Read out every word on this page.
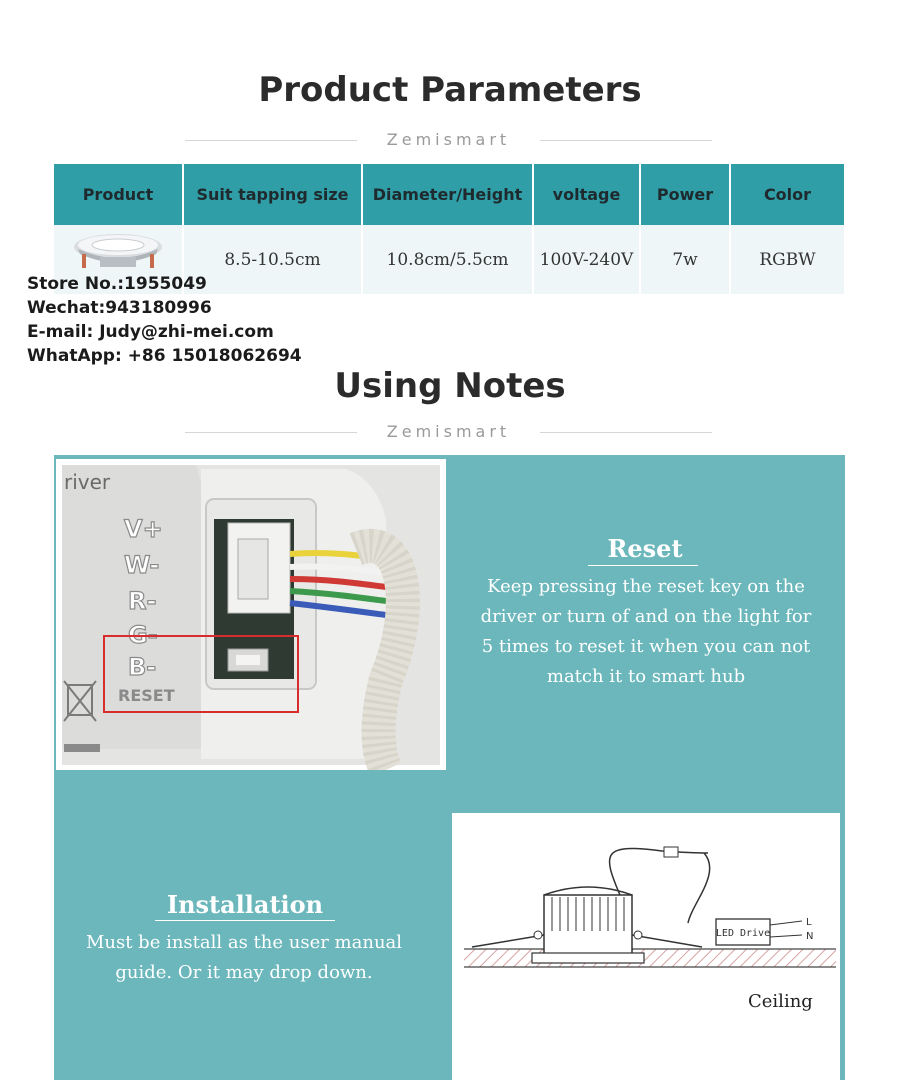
Product Parameters
Zemismart
Product	Suit tapping size	Diameter/Height	voltage	Power	Color

	8.5-10.5cm	10.8cm/5.5cm	100V-240V	7w	RGBW
Store No.:1955049
Wechat:943180996
E-mail: Judy@zhi-mei.com
WhatApp: +86 15018062694
Using Notes
Zemismart
river
V+
W-
R-
G-
B-
RESET
Reset
Keep pressing the reset key on the
driver or turn of and on the light for
5 times to reset it when you can not
match it to smart hub
Installation
Must be install as the user manual
guide. Or it may drop down.
LED Drive
L
N
Ceiling
